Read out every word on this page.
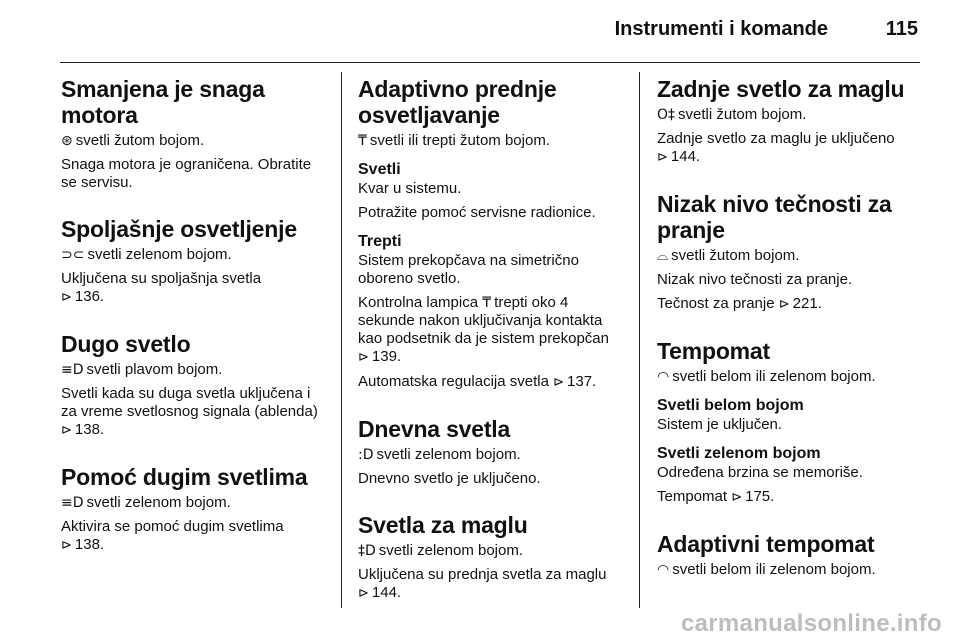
Instrumenti i komande	115
Smanjena je snaga motora

⊛ svetli žutom bojom.

Snaga motora je ograničena. Obratite se servisu.

Spoljašnje osvetljenje

⊃⊂ svetli zelenom bojom.

Uključena su spoljašnja svetla
⊳ 136.

Dugo svetlo

≡D svetli plavom bojom.

Svetli kada su duga svetla uključena i za vreme svetlosnog signala (ablenda) ⊳ 138.

Pomoć dugim svetlima

≡D svetli zelenom bojom.

Aktivira se pomoć dugim svetlima
⊳ 138.

Adaptivno prednje osvetljavanje

₸ svetli ili trepti žutom bojom.

Svetli

Kvar u sistemu.

Potražite pomoć servisne radionice.

Trepti

Sistem prekopčava na simetrično oboreno svetlo.

Kontrolna lampica ₸ trepti oko 4 sekunde nakon uključivanja kontakta kao podsetnik da je sistem prekopčan ⊳ 139.

Automatska regulacija svetla ⊳ 137.

Dnevna svetla

:D svetli zelenom bojom.

Dnevno svetlo je uključeno.

Svetla za maglu

‡D svetli zelenom bojom.

Uključena su prednja svetla za maglu
⊳ 144.

Zadnje svetlo za maglu

O‡ svetli žutom bojom.

Zadnje svetlo za maglu je uključeno
⊳ 144.

Nizak nivo tečnosti za pranje

⌓ svetli žutom bojom.

Nizak nivo tečnosti za pranje.

Tečnost za pranje ⊳ 221.

Tempomat

◠ svetli belom ili zelenom bojom.

Svetli belom bojom

Sistem je uključen.

Svetli zelenom bojom

Određena brzina se memoriše.

Tempomat ⊳ 175.

Adaptivni tempomat

◠ svetli belom ili zelenom bojom.

carmanualsonline.info
